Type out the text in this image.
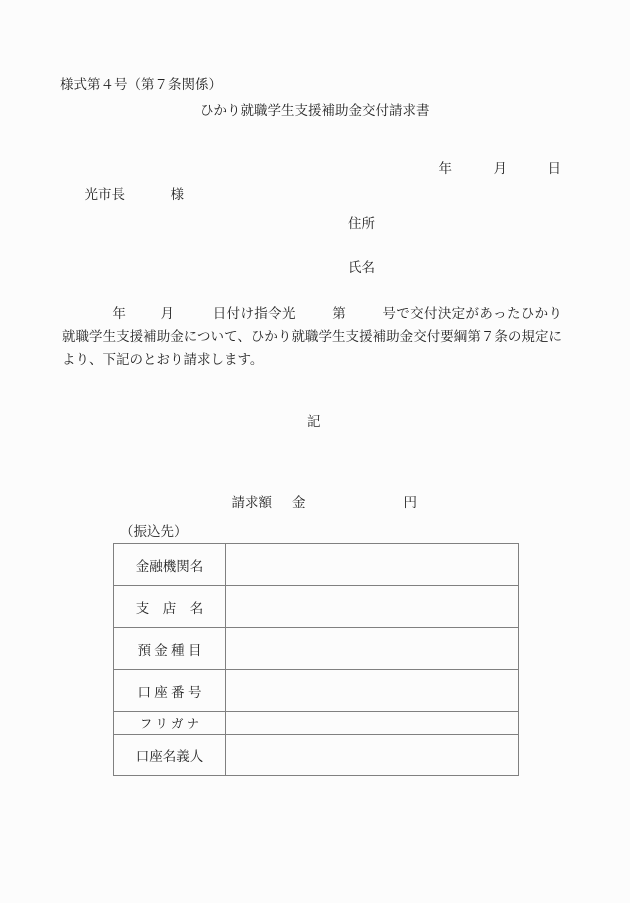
様式第４号（第７条関係）
ひかり就職学生支援補助金交付請求書

年	月	日

光市長	様

住所
氏名
年	月	日付け指令光	第	号で交付決定があったひかり就職学生支援補助金について、ひかり就職学生支援補助金交付要綱第７条の規定により、下記のとおり請求します。
記

請求額 金	円

（振込先）
金融機関名	
支　店　名	
預 金 種 目	
口 座 番 号	
フ リ ガ ナ	
口座名義人	
